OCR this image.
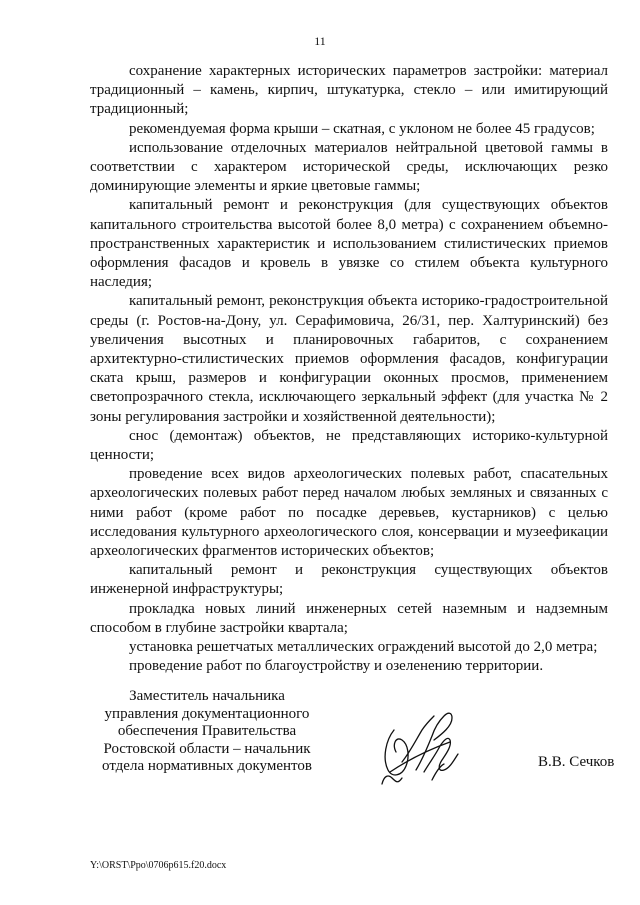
11

сохранение характерных исторических параметров застройки: материал традиционный – камень, кирпич, штукатурка, стекло – или имитирующий традиционный;

рекомендуемая форма крыши – скатная, с уклоном не более 45 градусов;

использование отделочных материалов нейтральной цветовой гаммы в соответствии с характером исторической среды, исключающих резко доминирующие элементы и яркие цветовые гаммы;

капитальный ремонт и реконструкция (для существующих объектов капитального строительства высотой более 8,0 метра) с сохранением объемно-пространственных характеристик и использованием стилистических приемов оформления фасадов и кровель в увязке со стилем объекта культурного наследия;

капитальный ремонт, реконструкция объекта историко-градостроительной среды (г. Ростов-на-Дону, ул. Серафимовича, 26/31, пер. Халтуринский) без увеличения высотных и планировочных габаритов, с сохранением архитектурно-стилистических приемов оформления фасадов, конфигурации ската крыш, размеров и конфигурации оконных просмов, применением светопрозрачного стекла, исключающего зеркальный эффект (для участка № 2 зоны регулирования застройки и хозяйственной деятельности);

снос (демонтаж) объектов, не представляющих историко-культурной ценности;

проведение всех видов археологических полевых работ, спасательных археологических полевых работ перед началом любых земляных и связанных с ними работ (кроме работ по посадке деревьев, кустарников) с целью исследования культурного археологического слоя, консервации и музеефикации археологических фрагментов исторических объектов;

капитальный ремонт и реконструкция существующих объектов инженерной инфраструктуры;

прокладка новых линий инженерных сетей наземным и надземным способом в глубине застройки квартала;

установка решетчатых металлических ограждений высотой до 2,0 метра;

проведение работ по благоустройству и озеленению территории.

Заместитель начальника
управления документационного
обеспечения Правительства
Ростовской области – начальник
отдела нормативных документов	В.В. Сечков
Y:\ORST\Ppo\0706p615.f20.docx
